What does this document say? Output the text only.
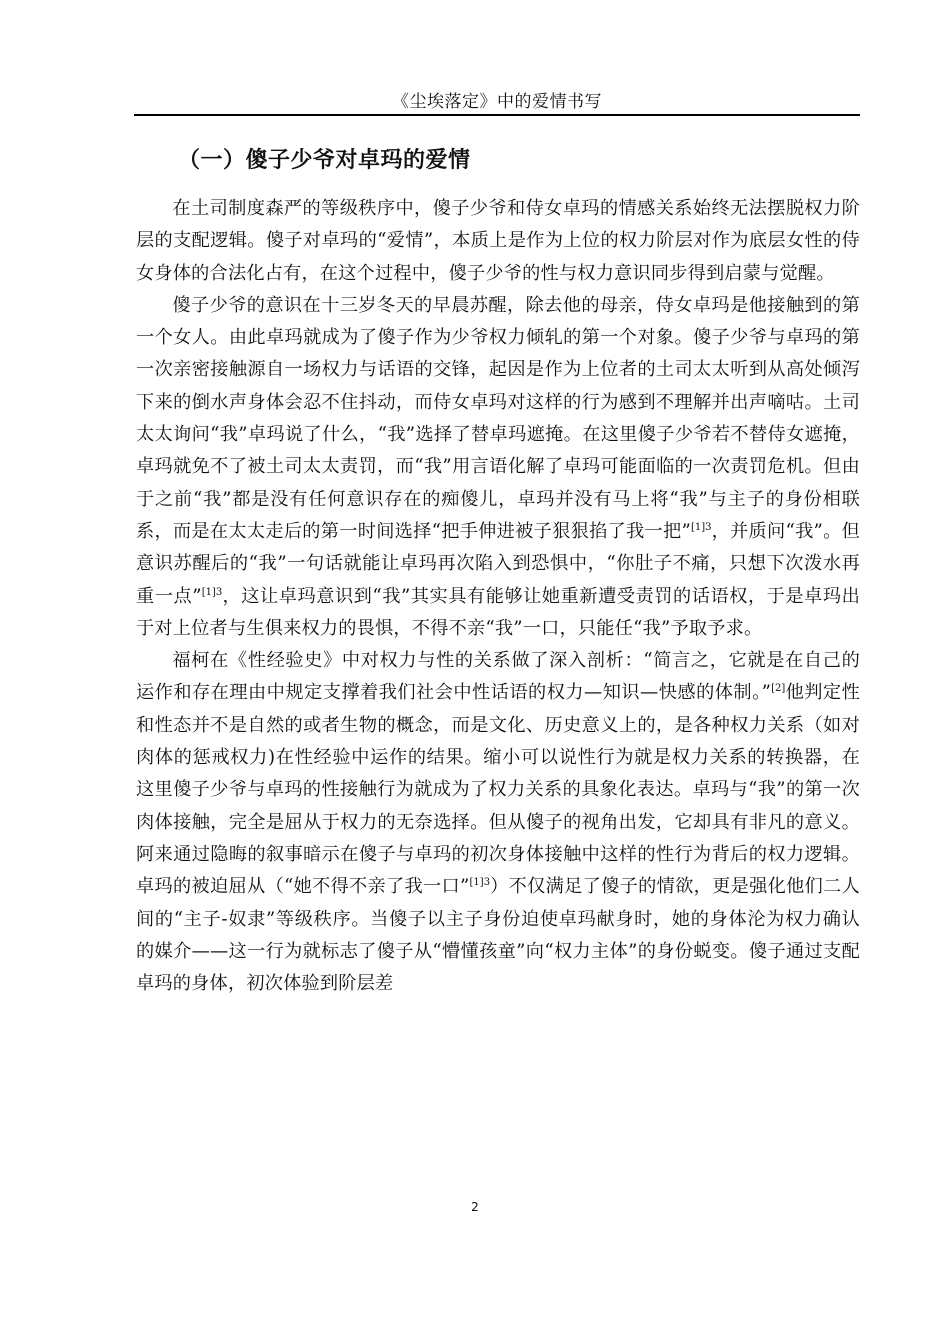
《尘埃落定》中的爱情书写
（一）傻子少爷对卓玛的爱情

在土司制度森严的等级秩序中，傻子少爷和侍女卓玛的情感关系始终无法摆脱权力阶层的支配逻辑。傻子对卓玛的“爱情”，本质上是作为上位的权力阶层对作为底层女性的侍女身体的合法化占有，在这个过程中，傻子少爷的性与权力意识同步得到启蒙与觉醒。

傻子少爷的意识在十三岁冬天的早晨苏醒，除去他的母亲，侍女卓玛是他接触到的第一个女人。由此卓玛就成为了傻子作为少爷权力倾轧的第一个对象。傻子少爷与卓玛的第一次亲密接触源自一场权力与话语的交锋，起因是作为上位者的土司太太听到从高处倾泻下来的倒水声身体会忍不住抖动，而侍女卓玛对这样的行为感到不理解并出声嘀咕。土司太太询问“我”卓玛说了什么，“我”选择了替卓玛遮掩。在这里傻子少爷若不替侍女遮掩，卓玛就免不了被土司太太责罚，而“我”用言语化解了卓玛可能面临的一次责罚危机。但由于之前“我”都是没有任何意识存在的痴傻儿，卓玛并没有马上将“我”与主子的身份相联系，而是在太太走后的第一时间选择“把手伸进被子狠狠掐了我一把”$^{[1]3}$，并质问“我”。但意识苏醒后的“我”一句话就能让卓玛再次陷入到恐惧中，“你肚子不痛，只想下次泼水再重一点”$^{[1]3}$，这让卓玛意识到“我”其实具有能够让她重新遭受责罚的话语权，于是卓玛出于对上位者与生俱来权力的畏惧，不得不亲“我”一口，只能任“我”予取予求。

福柯在《性经验史》中对权力与性的关系做了深入剖析：“简言之，它就是在自己的运作和存在理由中规定支撑着我们社会中性话语的权力—知识—快感的体制。”[2]他判定性和性态并不是自然的或者生物的概念，而是文化、历史意义上的，是各种权力关系（如对肉体的惩戒权力)在性经验中运作的结果。缩小可以说性行为就是权力关系的转换器，在这里傻子少爷与卓玛的性接触行为就成为了权力关系的具象化表达。卓玛与“我”的第一次肉体接触，完全是屈从于权力的无奈选择。但从傻子的视角出发，它却具有非凡的意义。阿来通过隐晦的叙事暗示在傻子与卓玛的初次身体接触中这样的性行为背后的权力逻辑。卓玛的被迫屈从（“她不得不亲了我一口”$^{[1]3}$）不仅满足了傻子的情欲，更是强化他们二人间的“主子-奴隶”等级秩序。当傻子以主子身份迫使卓玛献身时，她的身体沦为权力确认的媒介——这一行为就标志了傻子从“懵懂孩童”向“权力主体”的身份蜕变。傻子通过支配卓玛的身体，初次体验到阶层差

2
